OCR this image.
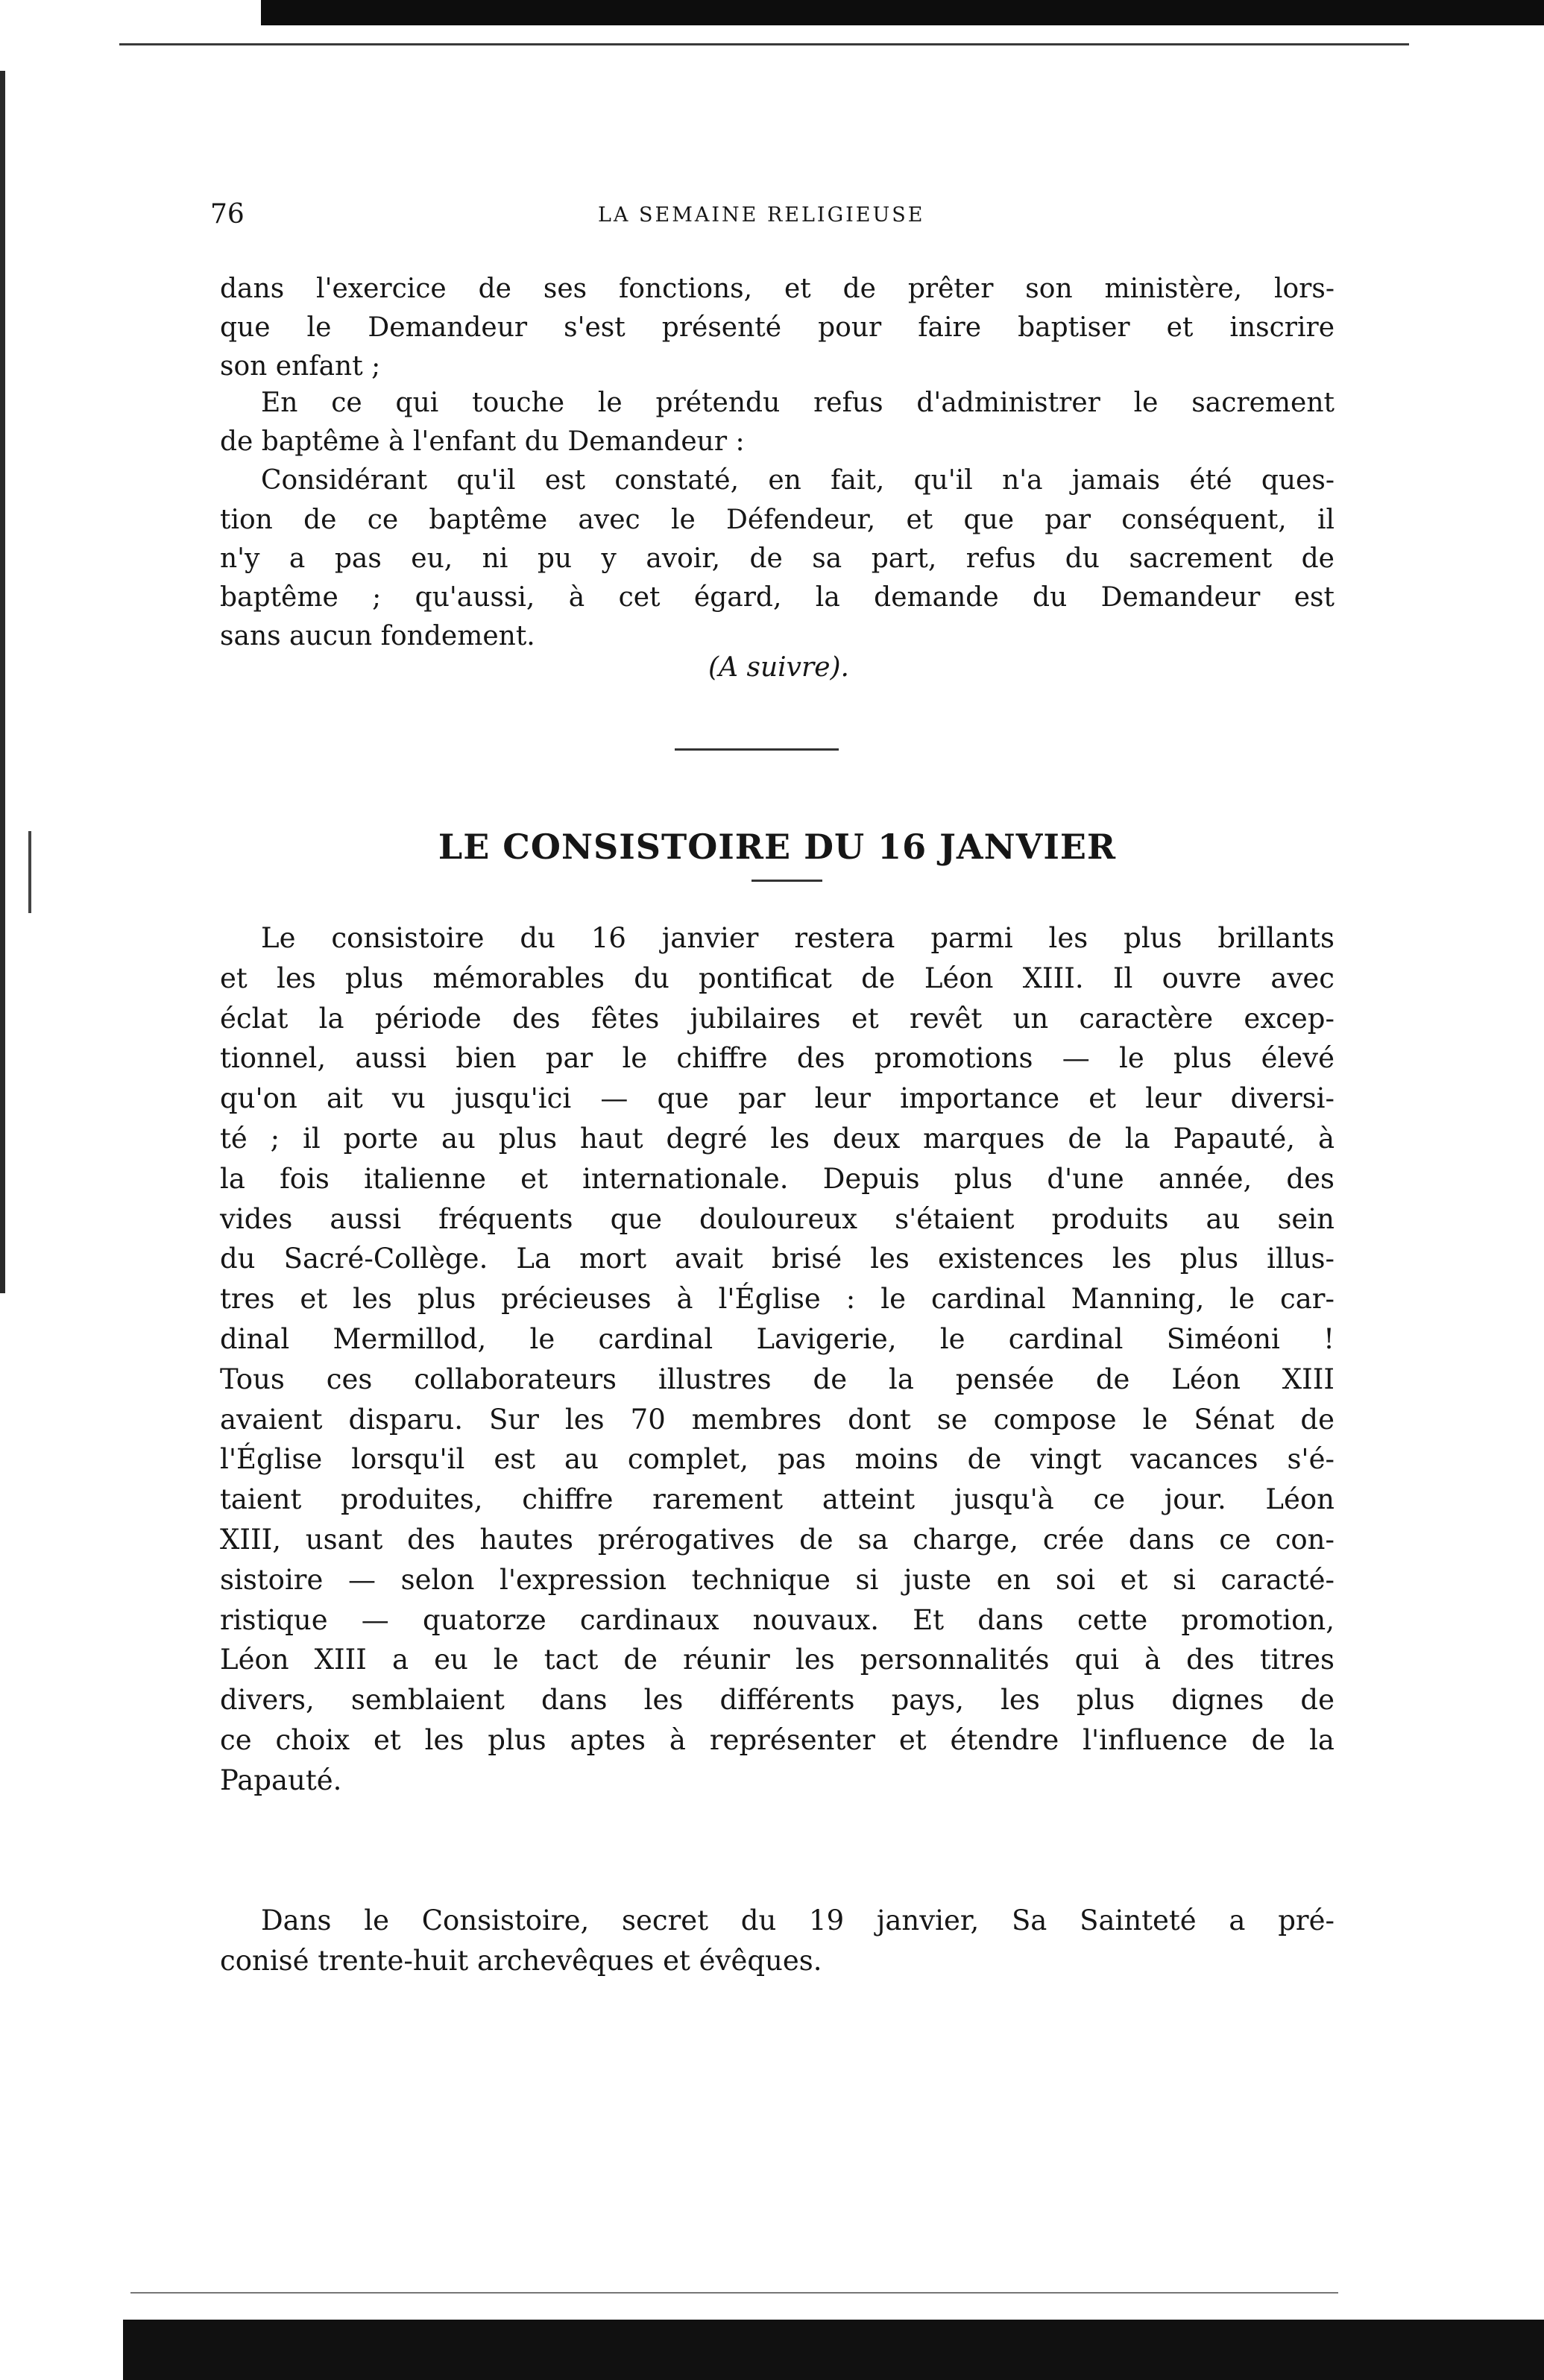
76	LA SEMAINE RELIGIEUSE

dans l'exercice de ses fonctions, et de prêter son ministère, lors-

que le Demandeur s'est présenté pour faire baptiser et inscrire

son enfant ;

En ce qui touche le prétendu refus d'administrer le sacrement

de baptême à l'enfant du Demandeur :

Considérant qu'il est constaté, en fait, qu'il n'a jamais été ques-

tion de ce baptême avec le Défendeur, et que par conséquent, il

n'y a pas eu, ni pu y avoir, de sa part, refus du sacrement de

baptême ; qu'aussi, à cet égard, la demande du Demandeur est

sans aucun fondement.

(A suivre).
LE CONSISTOIRE DU 16 JANVIER

Le consistoire du 16 janvier restera parmi les plus brillants

et les plus mémorables du pontificat de Léon XIII. Il ouvre avec

éclat la période des fêtes jubilaires et revêt un caractère excep-

tionnel, aussi bien par le chiffre des promotions — le plus élevé

qu'on ait vu jusqu'ici — que par leur importance et leur diversi-

té ; il porte au plus haut degré les deux marques de la Papauté, à

la fois italienne et internationale. Depuis plus d'une année, des

vides aussi fréquents que douloureux s'étaient produits au sein

du Sacré-Collège. La mort avait brisé les existences les plus illus-

tres et les plus précieuses à l'Église : le cardinal Manning, le car-

dinal Mermillod, le cardinal Lavigerie, le cardinal Siméoni !

Tous ces collaborateurs illustres de la pensée de Léon XIII

avaient disparu. Sur les 70 membres dont se compose le Sénat de

l'Église lorsqu'il est au complet, pas moins de vingt vacances s'é-

taient produites, chiffre rarement atteint jusqu'à ce jour. Léon

XIII, usant des hautes prérogatives de sa charge, crée dans ce con-

sistoire — selon l'expression technique si juste en soi et si caracté-

ristique — quatorze cardinaux nouvaux. Et dans cette promotion,

Léon XIII a eu le tact de réunir les personnalités qui à des titres

divers, semblaient dans les différents pays, les plus dignes de

ce choix et les plus aptes à représenter et étendre l'influence de la

Papauté.

Dans le Consistoire, secret du 19 janvier, Sa Sainteté a pré-

conisé trente-huit archevêques et évêques.
